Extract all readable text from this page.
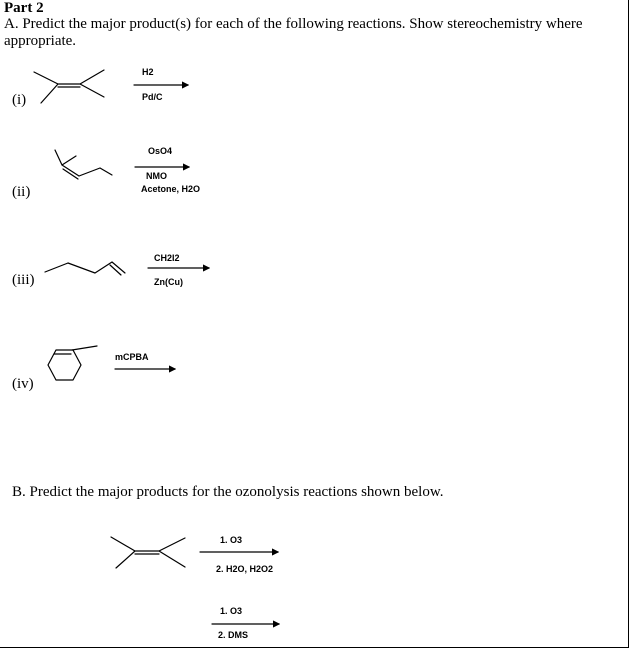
Part 2
A. Predict the major product(s) for each of the following reactions. Show stereochemistry where appropriate.
(i)
(ii)
(iii)
(iv)
H2
Pd/C
OsO4
NMO
Acetone, H2O
CH2I2
Zn(Cu)
mCPBA
B. Predict the major products for the ozonolysis reactions shown below.
1. O3
2. H2O, H2O2
1. O3
2. DMS
